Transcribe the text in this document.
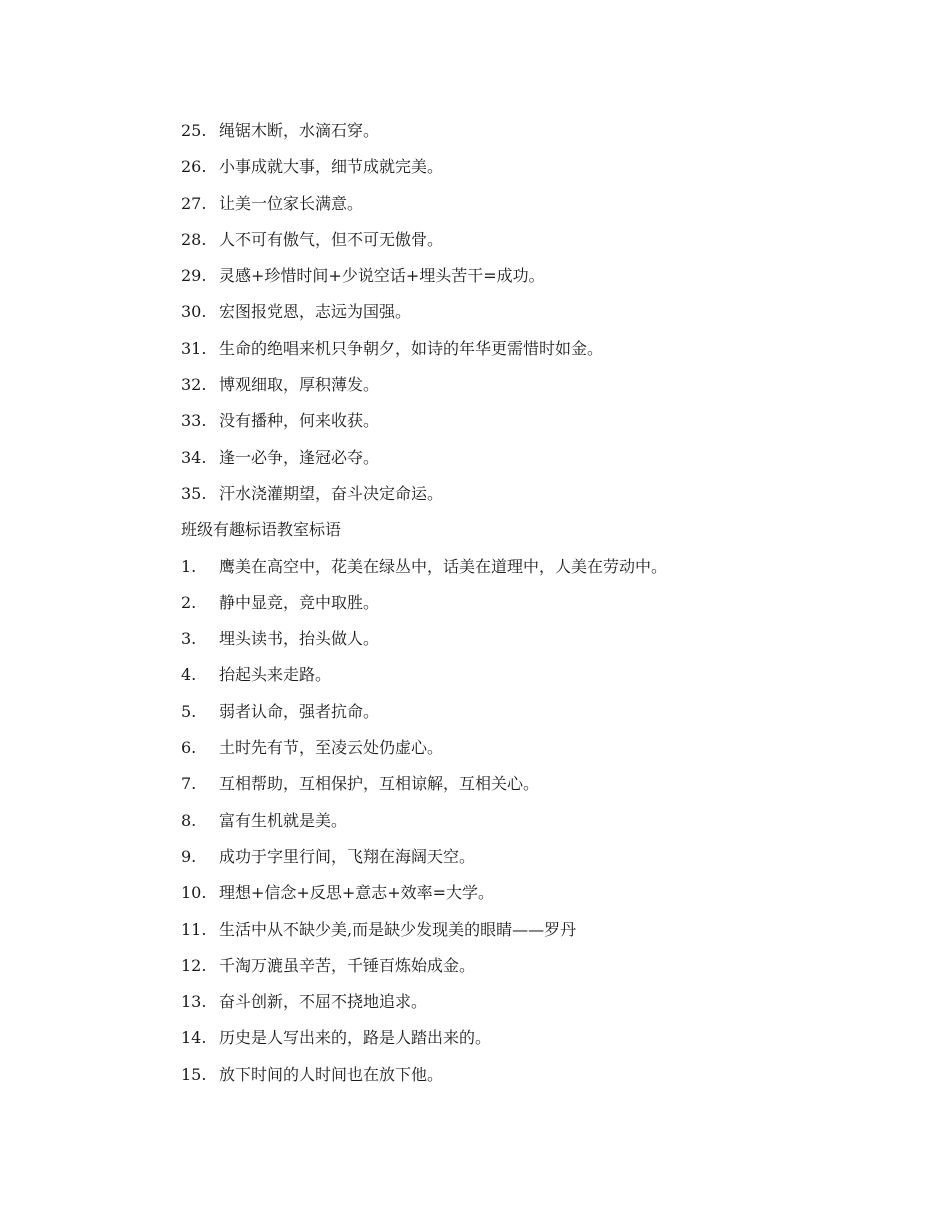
25. 绳锯木断，水滴石穿。
26. 小事成就大事，细节成就完美。
27. 让美一位家长满意。
28. 人不可有傲气，但不可无傲骨。
29. 灵感+珍惜时间+少说空话+埋头苦干=成功。
30. 宏图报党恩，志远为国强。
31. 生命的绝唱来机只争朝夕，如诗的年华更需惜时如金。
32. 博观细取，厚积薄发。
33. 没有播种，何来收获。
34. 逢一必争，逢冠必夺。
35. 汗水浇灌期望，奋斗决定命运。
班级有趣标语教室标语
1.	鹰美在高空中，花美在绿丛中，话美在道理中，人美在劳动中。
2.	静中显竞，竞中取胜。
3.	埋头读书，抬头做人。
4.	抬起头来走路。
5.	弱者认命，强者抗命。
6.	土时先有节，至凌云处仍虚心。
7.	互相帮助，互相保护，互相谅解，互相关心。
8.	富有生机就是美。
9.	成功于字里行间，飞翔在海阔天空。
10. 理想+信念+反思+意志+效率=大学。
11. 生活中从不缺少美,而是缺少发现美的眼睛——罗丹
12. 千淘万漉虽辛苦，千锤百炼始成金。
13. 奋斗创新，不屈不挠地追求。
14. 历史是人写出来的，路是人踏出来的。
15. 放下时间的人时间也在放下他。
